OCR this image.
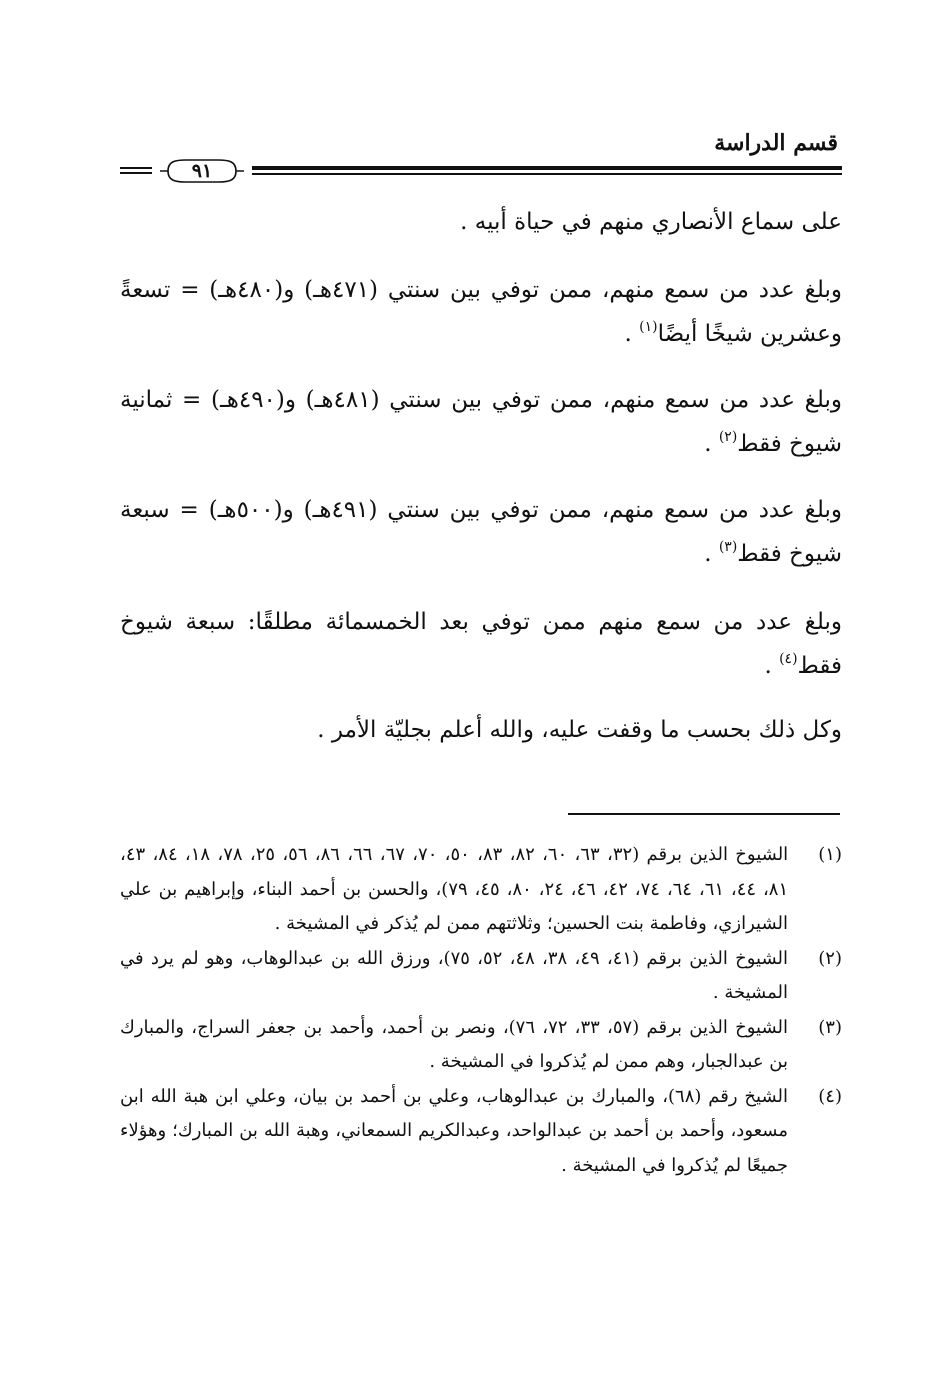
قسم الدراسة
٩١

على سماع الأنصاري منهم في حياة أبيه .

وبلغ عدد من سمع منهم، ممن توفي بين سنتي (٤٧١هـ) و(٤٨٠هـ) = تسعةً وعشرين شيخًا أيضًا$^{(١)}$ .

وبلغ عدد من سمع منهم، ممن توفي بين سنتي (٤٨١هـ) و(٤٩٠هـ) = ثمانية شيوخ فقط$^{(٢)}$ .

وبلغ عدد من سمع منهم، ممن توفي بين سنتي (٤٩١هـ) و(٥٠٠هـ) = سبعة شيوخ فقط$^{(٣)}$ .

وبلغ عدد من سمع منهم ممن توفي بعد الخمسمائة مطلقًا: سبعة شيوخ فقط$^{(٤)}$ .

وكل ذلك بحسب ما وقفت عليه، والله أعلم بجليّة الأمر .

(١)
الشيوخ الذين برقم (٣٢، ٦٣، ٦٠، ٨٢، ٨٣، ٥٠، ٧٠، ٦٧، ٦٦، ٨٦، ٥٦، ٢٥، ٧٨، ١٨، ٨٤، ٤٣، ٨١، ٤٤، ٦١، ٦٤، ٧٤، ٤٢، ٤٦، ٢٤، ٨٠، ٤٥، ٧٩)، والحسن بن أحمد البناء، وإبراهيم بن علي الشيرازي، وفاطمة بنت الحسين؛ وثلاثتهم ممن لم يُذكر في المشيخة .
(٢)
الشيوخ الذين برقم (٤١، ٤٩، ٣٨، ٤٨، ٥٢، ٧٥)، ورزق الله بن عبدالوهاب، وهو لم يرد في المشيخة .
(٣)
الشيوخ الذين برقم (٥٧، ٣٣، ٧٢، ٧٦)، ونصر بن أحمد، وأحمد بن جعفر السراج، والمبارك بن عبدالجبار، وهم ممن لم يُذكروا في المشيخة .
(٤)
الشيخ رقم (٦٨)، والمبارك بن عبدالوهاب، وعلي بن أحمد بن بيان، وعلي ابن هبة الله ابن مسعود، وأحمد بن أحمد بن عبدالواحد، وعبدالكريم السمعاني، وهبة الله بن المبارك؛ وهؤلاء جميعًا لم يُذكروا في المشيخة .
